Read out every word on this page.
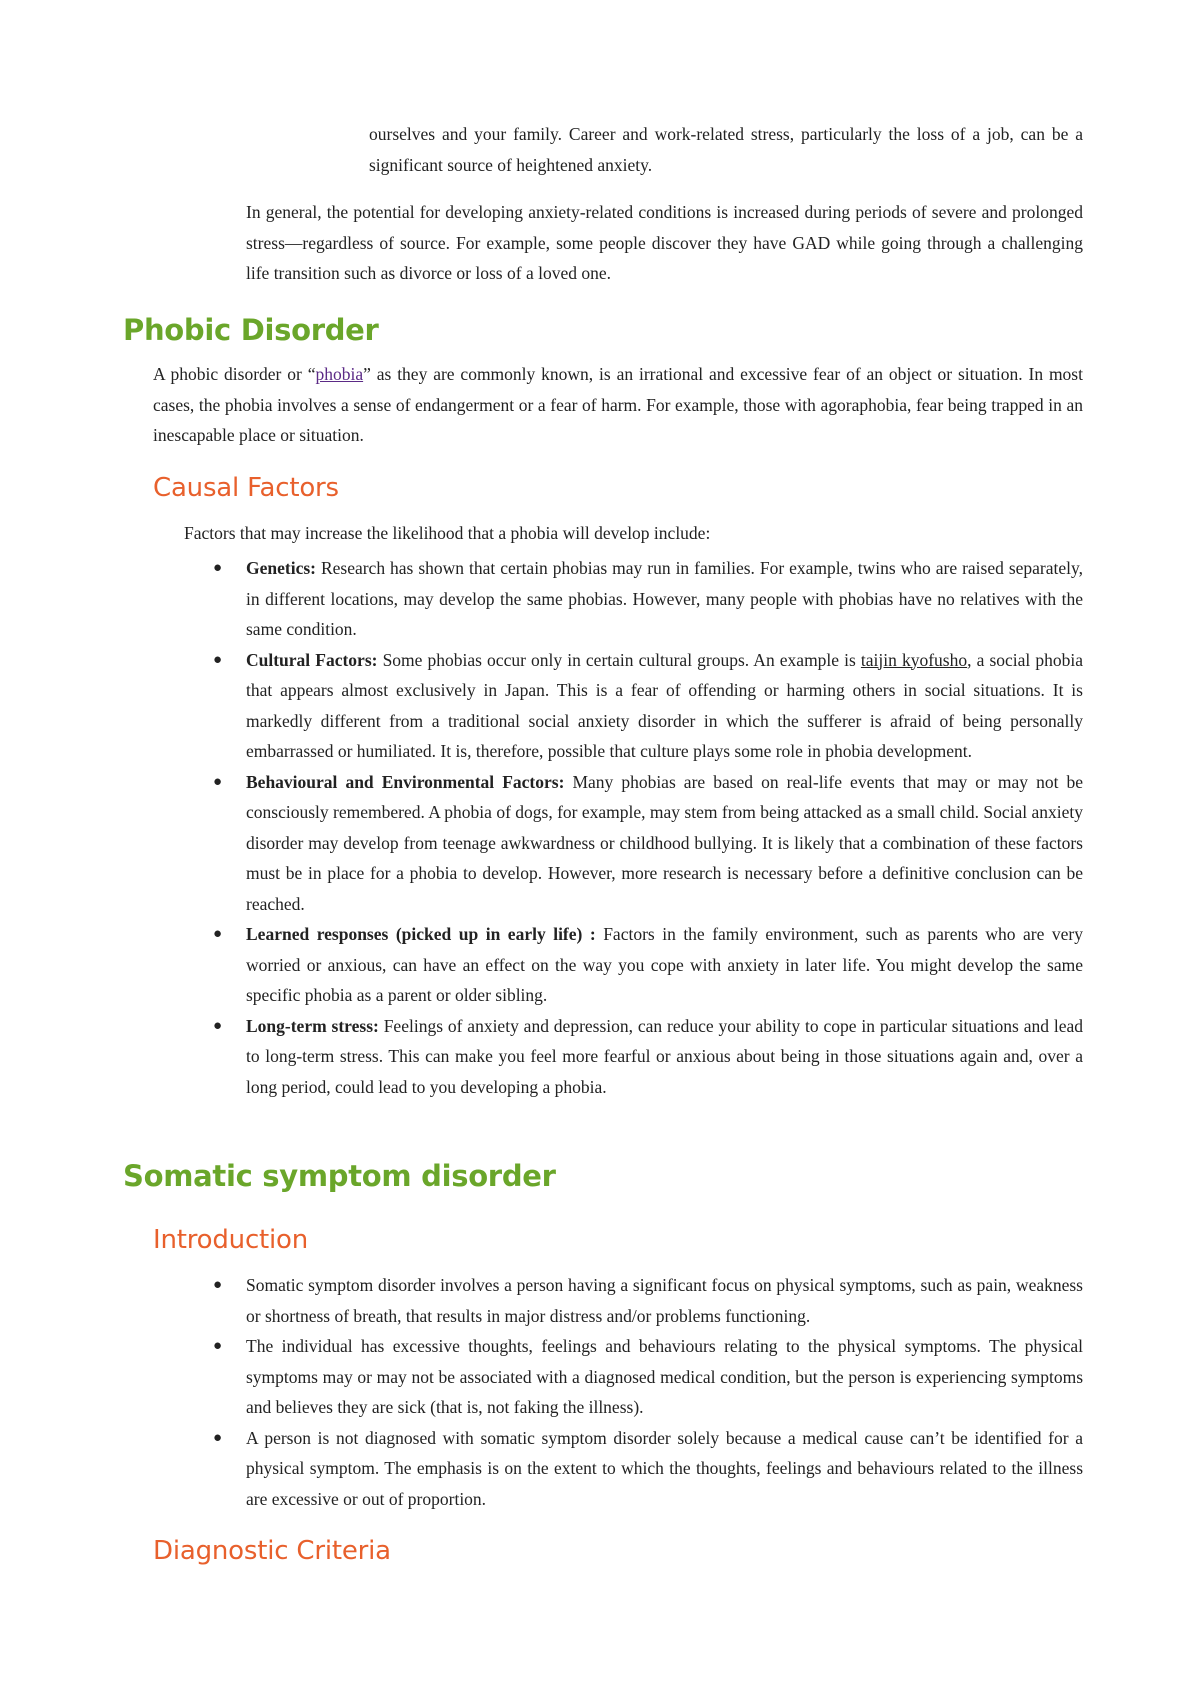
ourselves and your family. Career and work-related stress, particularly the loss of a job, can be a significant source of heightened anxiety.

In general, the potential for developing anxiety-related conditions is increased during periods of severe and prolonged stress—regardless of source. For example, some people discover they have GAD while going through a challenging life transition such as divorce or loss of a loved one.

Phobic Disorder

A phobic disorder or “phobia” as they are commonly known, is an irrational and excessive fear of an object or situation. In most cases, the phobia involves a sense of endangerment or a fear of harm. For example, those with agoraphobia, fear being trapped in an inescapable place or situation.

Causal Factors

Factors that may increase the likelihood that a phobia will develop include:

● Genetics: Research has shown that certain phobias may run in families. For example, twins who are raised separately, in different locations, may develop the same phobias. However, many people with phobias have no relatives with the same condition.
● Cultural Factors: Some phobias occur only in certain cultural groups. An example is taijin kyofusho, a social phobia that appears almost exclusively in Japan. This is a fear of offending or harming others in social situations. It is markedly different from a traditional social anxiety disorder in which the sufferer is afraid of being personally embarrassed or humiliated. It is, therefore, possible that culture plays some role in phobia development.
● Behavioural and Environmental Factors: Many phobias are based on real-life events that may or may not be consciously remembered. A phobia of dogs, for example, may stem from being attacked as a small child. Social anxiety disorder may develop from teenage awkwardness or childhood bullying. It is likely that a combination of these factors must be in place for a phobia to develop. However, more research is necessary before a definitive conclusion can be reached.
● Learned responses (picked up in early life) : Factors in the family environment, such as parents who are very worried or anxious, can have an effect on the way you cope with anxiety in later life. You might develop the same specific phobia as a parent or older sibling.
● Long-term stress: Feelings of anxiety and depression, can reduce your ability to cope in particular situations and lead to long-term stress. This can make you feel more fearful or anxious about being in those situations again and, over a long period, could lead to you developing a phobia.
Somatic symptom disorder
Introduction
● Somatic symptom disorder involves a person having a significant focus on physical symptoms, such as pain, weakness or shortness of breath, that results in major distress and/or problems functioning.
● The individual has excessive thoughts, feelings and behaviours relating to the physical symptoms. The physical symptoms may or may not be associated with a diagnosed medical condition, but the person is experiencing symptoms and believes they are sick (that is, not faking the illness).
● A person is not diagnosed with somatic symptom disorder solely because a medical cause can’t be identified for a physical symptom. The emphasis is on the extent to which the thoughts, feelings and behaviours related to the illness are excessive or out of proportion.
Diagnostic Criteria
